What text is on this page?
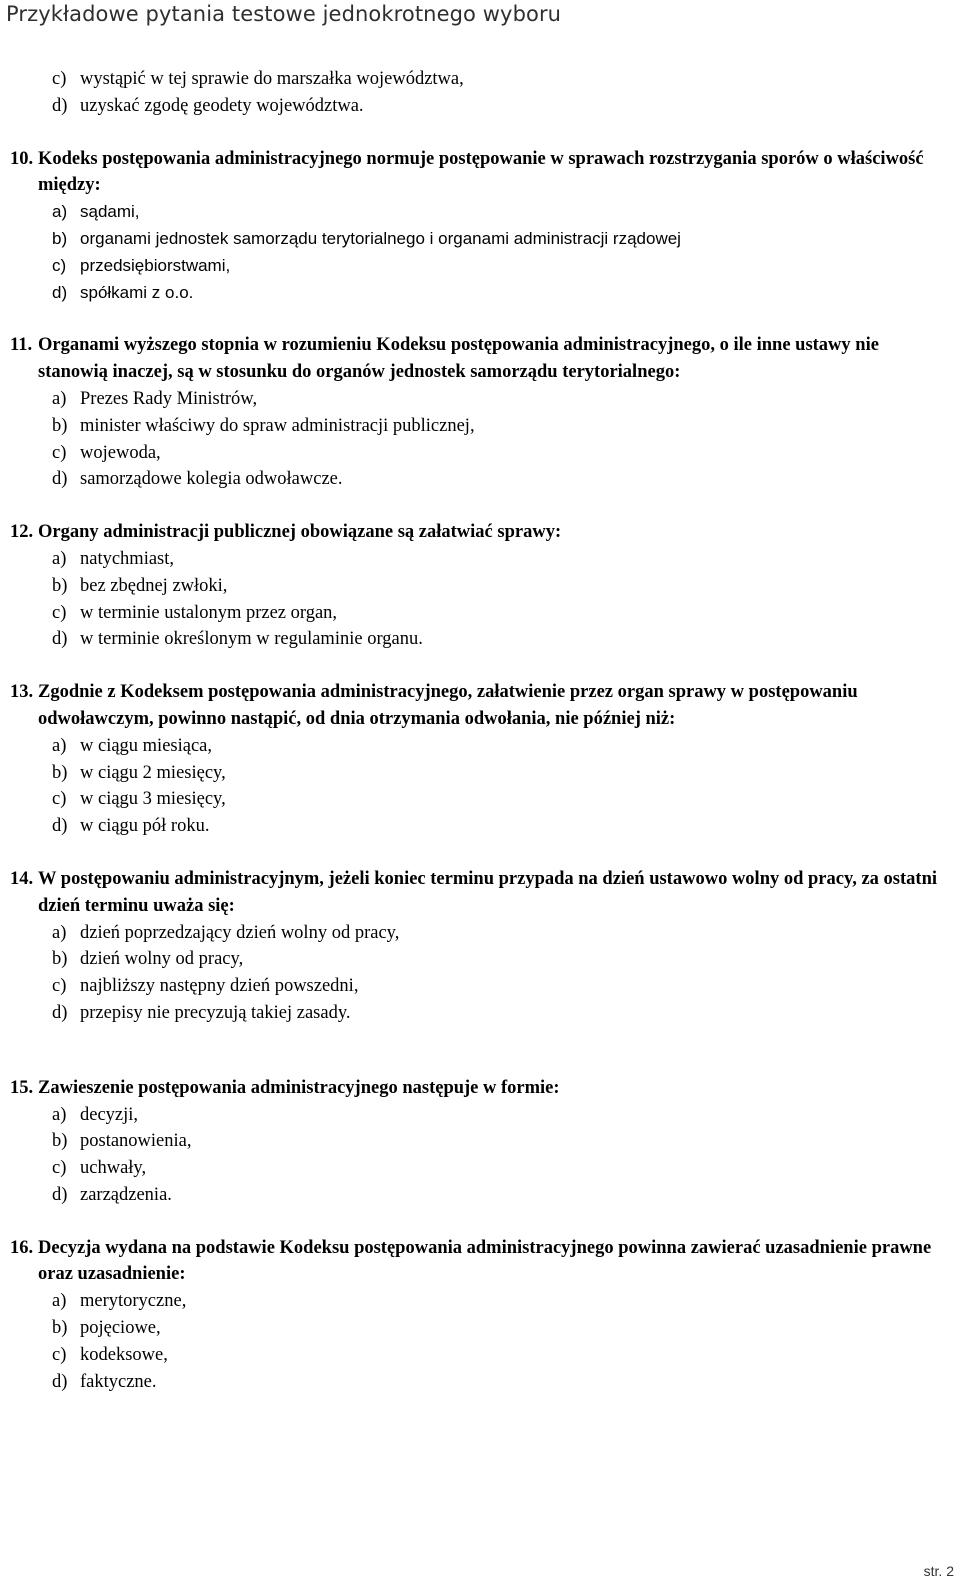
Przykładowe pytania testowe jednokrotnego wyboru
c) wystąpić w tej sprawie do marszałka województwa,
d) uzyskać zgodę geodety województwa.

10. Kodeks postępowania administracyjnego normuje postępowanie w sprawach rozstrzygania sporów o właściwość między:

a) sądami,
b) organami jednostek samorządu terytorialnego i organami administracji rządowej
c) przedsiębiorstwami,
d) spółkami z o.o.

11. Organami wyższego stopnia w rozumieniu Kodeksu postępowania administracyjnego, o ile inne ustawy nie stanowią inaczej, są w stosunku do organów jednostek samorządu terytorialnego:

a) Prezes Rady Ministrów,
b) minister właściwy do spraw administracji publicznej,
c) wojewoda,
d) samorządowe kolegia odwoławcze.

12. Organy administracji publicznej obowiązane są załatwiać sprawy:

a) natychmiast,
b) bez zbędnej zwłoki,
c) w terminie ustalonym przez organ,
d) w terminie określonym w regulaminie organu.

13. Zgodnie z Kodeksem postępowania administracyjnego, załatwienie przez organ sprawy w postępowaniu odwoławczym, powinno nastąpić, od dnia otrzymania odwołania, nie później niż:

a) w ciągu miesiąca,
b) w ciągu 2 miesięcy,
c) w ciągu 3 miesięcy,
d) w ciągu pół roku.

14. W postępowaniu administracyjnym, jeżeli koniec terminu przypada na dzień ustawowo wolny od pracy, za ostatni dzień terminu uważa się:

a) dzień poprzedzający dzień wolny od pracy,
b) dzień wolny od pracy,
c) najbliższy następny dzień powszedni,
d) przepisy nie precyzują takiej zasady.

15. Zawieszenie postępowania administracyjnego następuje w formie:

a) decyzji,
b) postanowienia,
c) uchwały,
d) zarządzenia.

16. Decyzja wydana na podstawie Kodeksu postępowania administracyjnego powinna zawierać uzasadnienie prawne oraz uzasadnienie:

a) merytoryczne,
b) pojęciowe,
c) kodeksowe,
d) faktyczne.
str. 2
